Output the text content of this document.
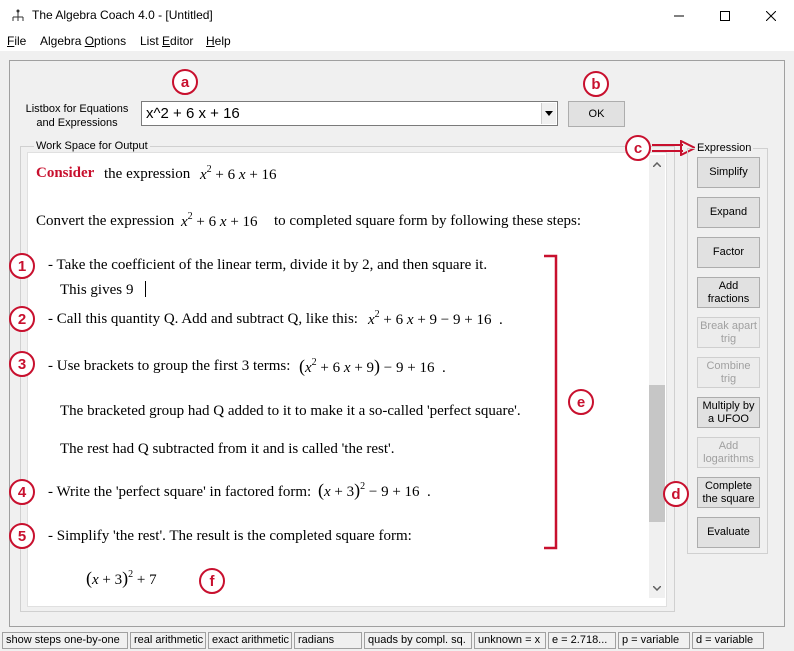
The Algebra Coach 4.0 - [Untitled]
File Algebra Options List Editor Help
Listbox for Equations
and Expressions
x^2 + 6 x + 16	OK
Work Space for Output
Consider the expression $x^2 + 6$ x + 16
Convert the expression $x^2 + 6$ x + 16 to completed square form by following these steps:
- Take the coefficient of the linear term, divide it by 2, and then square it.
This gives 9
- Call this quantity Q. Add and subtract Q, like this: $x^2 + 6$ x + 9 − 9 + 16  .
- Use brackets to group the first 3 terms: ($x^2 + 6$ x + 9) − 9 + 16  .
The bracketed group had Q added to it to make it a so-called 'perfect square'.
The rest had Q subtracted from it and is called 'the rest'.
- Write the 'perfect square' in factored form: $(x + 3)^2 - 9 + 16$  .
- Simplify 'the rest'. The result is the completed square form:
$(x + 3)^2 + 7$
Expression
Simplify
Expand
Factor
Add
fractions
Break apart
trig
Combine
trig
Multiply by
a UFOO
Add
logarithms
Complete
the square
Evaluate
a	b
c
d
e
f
1
2
3
4
5
show steps one-by-one	real arithmetic exact arithmetic radians	quads by compl. sq.	unknown = x	e = 2.718...	p = variable	d = variable
